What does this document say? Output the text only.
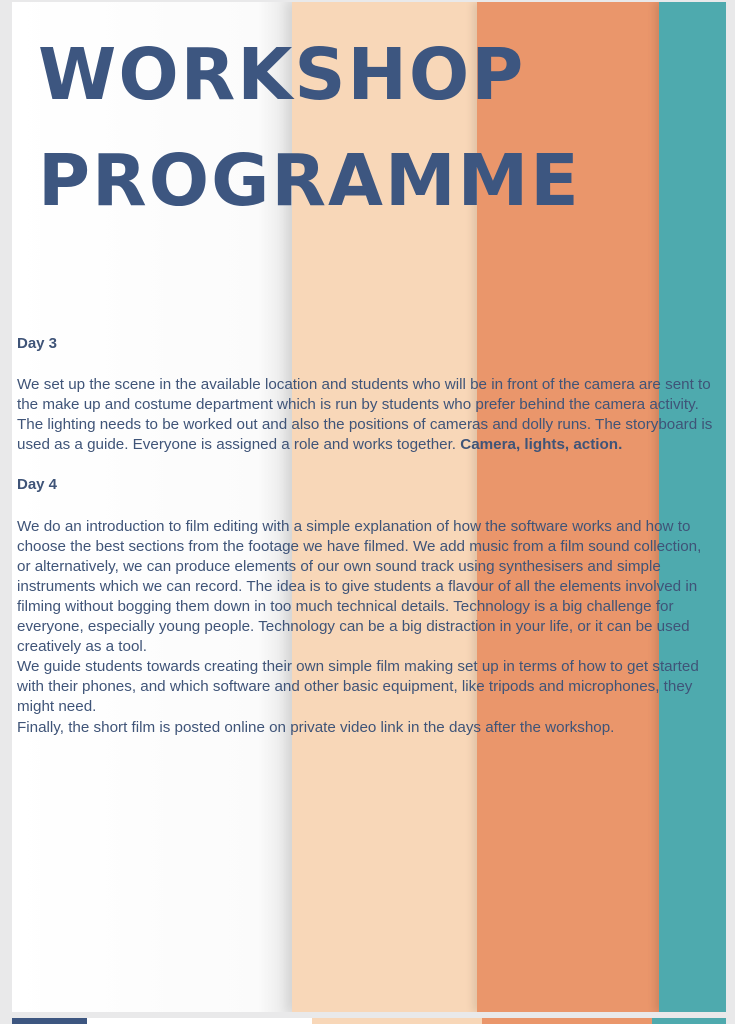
WORKSHOP
PROGRAMME

Day 3

We set up the scene in the available location and students who will be in front of the camera are sent to the make up and costume department which is run by students who prefer behind the camera activity. The lighting needs to be worked out and also the positions of cameras and dolly runs. The storyboard is used as a guide. Everyone is assigned a role and works together. Camera, lights, action.

Day 4

We do an introduction to film editing with a simple explanation of how the software works and how to choose the best sections from the footage we have filmed. We add music from a film sound collection, or alternatively, we can produce elements of our own sound track using synthesisers and simple instruments which we can record. The idea is to give students a flavour of all the elements involved in filming without bogging them down in too much technical details. Technology is a big challenge for everyone, especially young people. Technology can be a big distraction in your life, or it can be used creatively as a tool.

We guide students towards creating their own simple film making set up in terms of how to get started with their phones, and which software and other basic equipment, like tripods and microphones, they might need.

Finally, the short film is posted online on private video link in the days after the workshop.
